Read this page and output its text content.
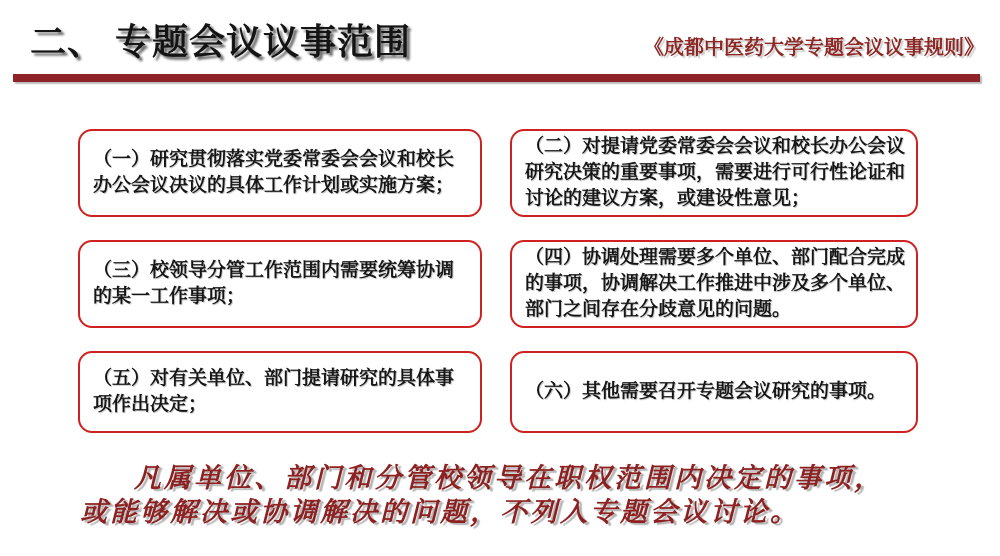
二、 专题会议议事范围	《成都中医药大学专题会议议事规则》

（一）研究贯彻落实党委常委会会议和校长办公会议决议的具体工作计划或实施方案；

（二）对提请党委常委会会议和校长办公会议研究决策的重要事项，需要进行可行性论证和讨论的建议方案，或建设性意见；

（三）校领导分管工作范围内需要统筹协调的某一工作事项；

（四）协调处理需要多个单位、部门配合完成的事项，协调解决工作推进中涉及多个单位、部门之间存在分歧意见的问题。

（五）对有关单位、部门提请研究的具体事项作出决定；

（六）其他需要召开专题会议研究的事项。

凡属单位、部门和分管校领导在职权范围内决定的事项，
或能够解决或协调解决的问题，不列入专题会议讨论。
